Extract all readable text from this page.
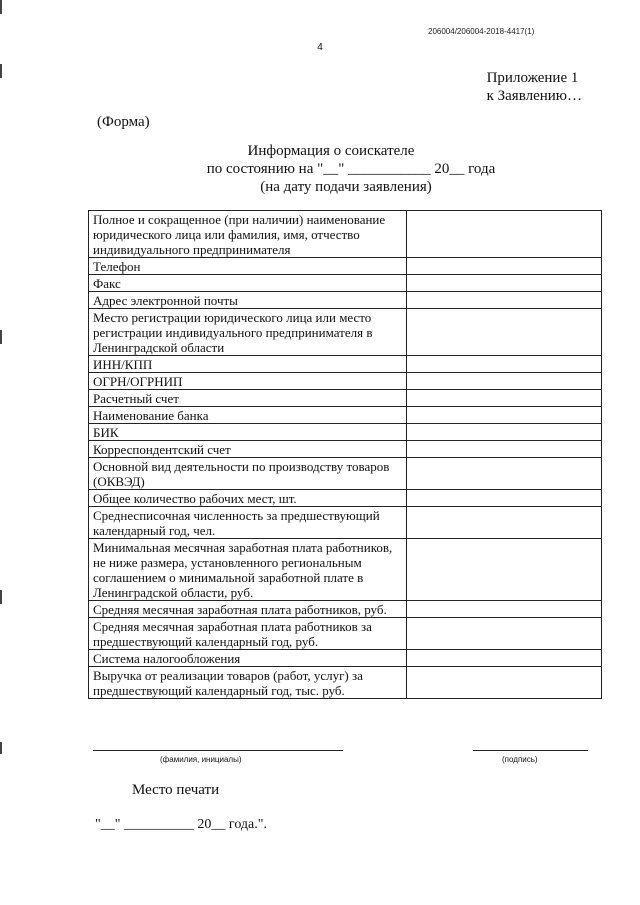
206004/206004-2018-4417(1)
4
Приложение 1
к Заявлению…
(Форма)
Информация о соискателе
по состоянию на "__" ___________ 20__ года
(на дату подачи заявления)
Полное и сокращенное (при наличии) наименование юридического лица или фамилия, имя, отчество индивидуального предпринимателя	
Телефон	
Факс	
Адрес электронной почты	
Место регистрации юридического лица или место регистрации индивидуального предпринимателя в Ленинградской области	
ИНН/КПП	
ОГРН/ОГРНИП	
Расчетный счет	
Наименование банка	
БИК	
Корреспондентский счет	
Основной вид деятельности по производству товаров (ОКВЭД)	
Общее количество рабочих мест, шт.	
Среднесписочная численность за предшествующий календарный год, чел.	
Минимальная месячная заработная плата работников, не ниже размера, установленного региональным соглашением о минимальной заработной плате в Ленинградской области, руб.	
Средняя месячная заработная плата работников, руб.	
Средняя месячная заработная плата работников за предшествующий календарный год, руб.	
Система налогообложения	
Выручка от реализации товаров (работ, услуг) за предшествующий календарный год, тыс. руб.	
(фамилия, инициалы)	(подпись)
Место печати
"__" __________ 20__ года.".
